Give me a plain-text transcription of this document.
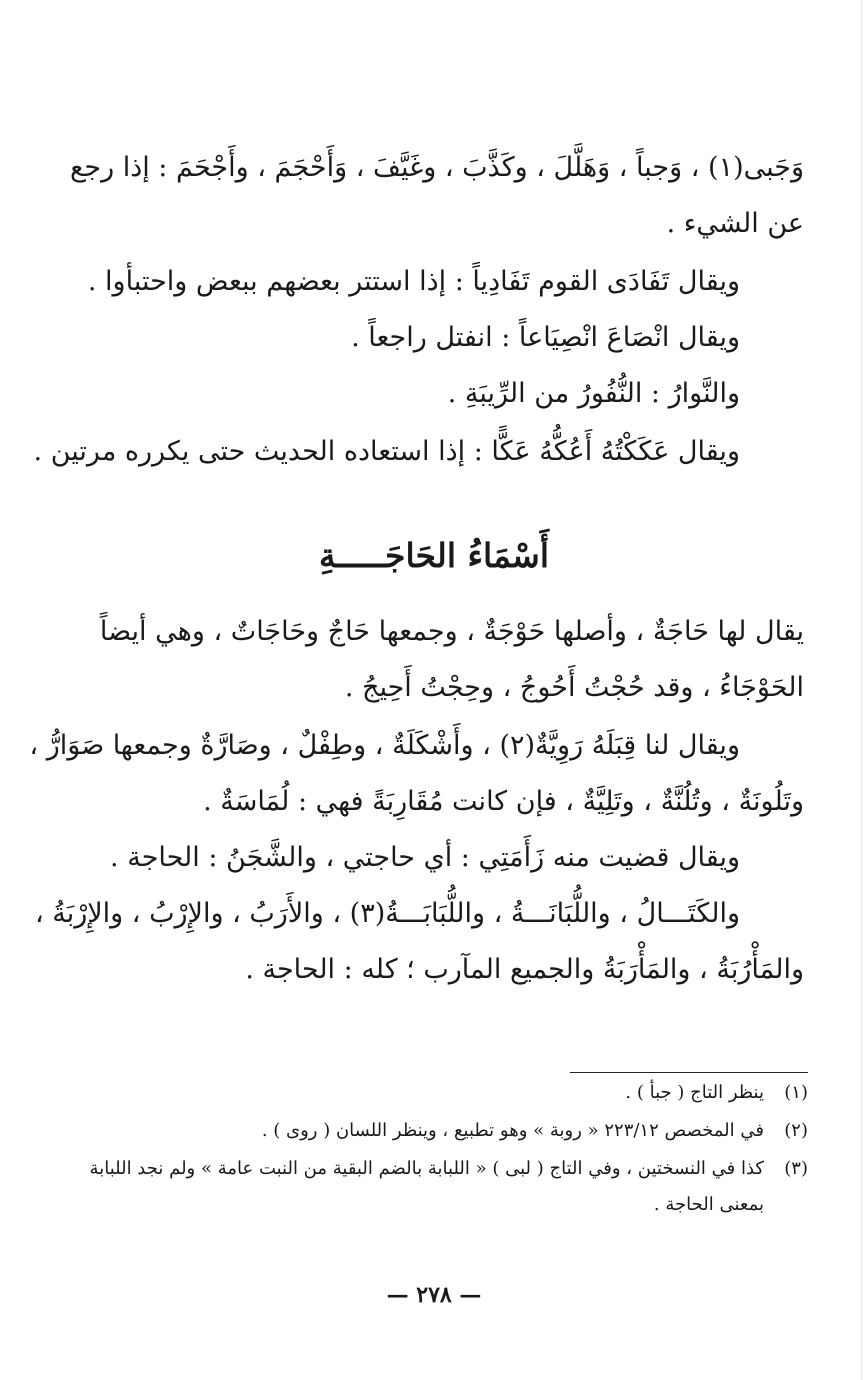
وَجَبى(١) ، وَجباً ، وَهَلَّلَ ، وكَذَّبَ ، وغَيَّفَ ، وَأَحْجَمَ ، وأَجْحَمَ : إذا رجع

عن الشيء .

ويقال تَفَادَى القوم تَفَادِياً : إذا استتر بعضهم ببعض واحتبأوا .

ويقال انْصَاعَ انْصِيَاعاً : انفتل راجعاً .

والنَّوارُ : النُّفُورُ من الرِّيبَةِ .

ويقال عَكَكْتُهُ أَعُكُّهُ عَكًّا : إذا استعاده الحديث حتى يكرره مرتين .

أَسْمَاءُ الحَاجَـــــةِ

يقال لها حَاجَةٌ ، وأصلها حَوْجَةٌ ، وجمعها حَاجٌ وحَاجَاتٌ ، وهي أيضاً

الحَوْجَاءُ ، وقد حُجْتُ أَحُوجُ ، وحِجْتُ أَحِيجُ .

ويقال لنا قِبَلَهُ رَوِيَّةٌ(٢) ، وأَشْكَلَةٌ ، وطِفْلٌ ، وصَارَّةٌ وجمعها صَوَارُّ ،

وتَلُونَةٌ ، وتُلُنَّةٌ ، وتَلِيَّةٌ ، فإن كانت مُقَارِبَةً فهي : لُمَاسَةٌ .

ويقال قضيت منه زَأَمَتِي : أي حاجتي ، والشَّجَنُ : الحاجة .

والكَتَـــالُ ، واللُّبَانَـــةُ ، واللُّبَابَـــةُ(٣) ، والأَرَبُ ، والإِرْبُ ، والإِرْبَةُ ،

والمَأْرُبَةُ ، والمَأْرَبَةُ والجميع المآرب ؛ كله : الحاجة .

(١)ينظر التاج ( جبأ ) .

(٢)في المخصص ٢٢٣/١٢ « روبة » وهو تطبيع ، وينظر اللسان ( روى ) .

(٣)كذا في النسختين ، وفي التاج ( لبى ) « اللبابة بالضم البقية من النبت عامة » ولم نجد اللبابة

بمعنى الحاجة .

— ٢٧٨ —
